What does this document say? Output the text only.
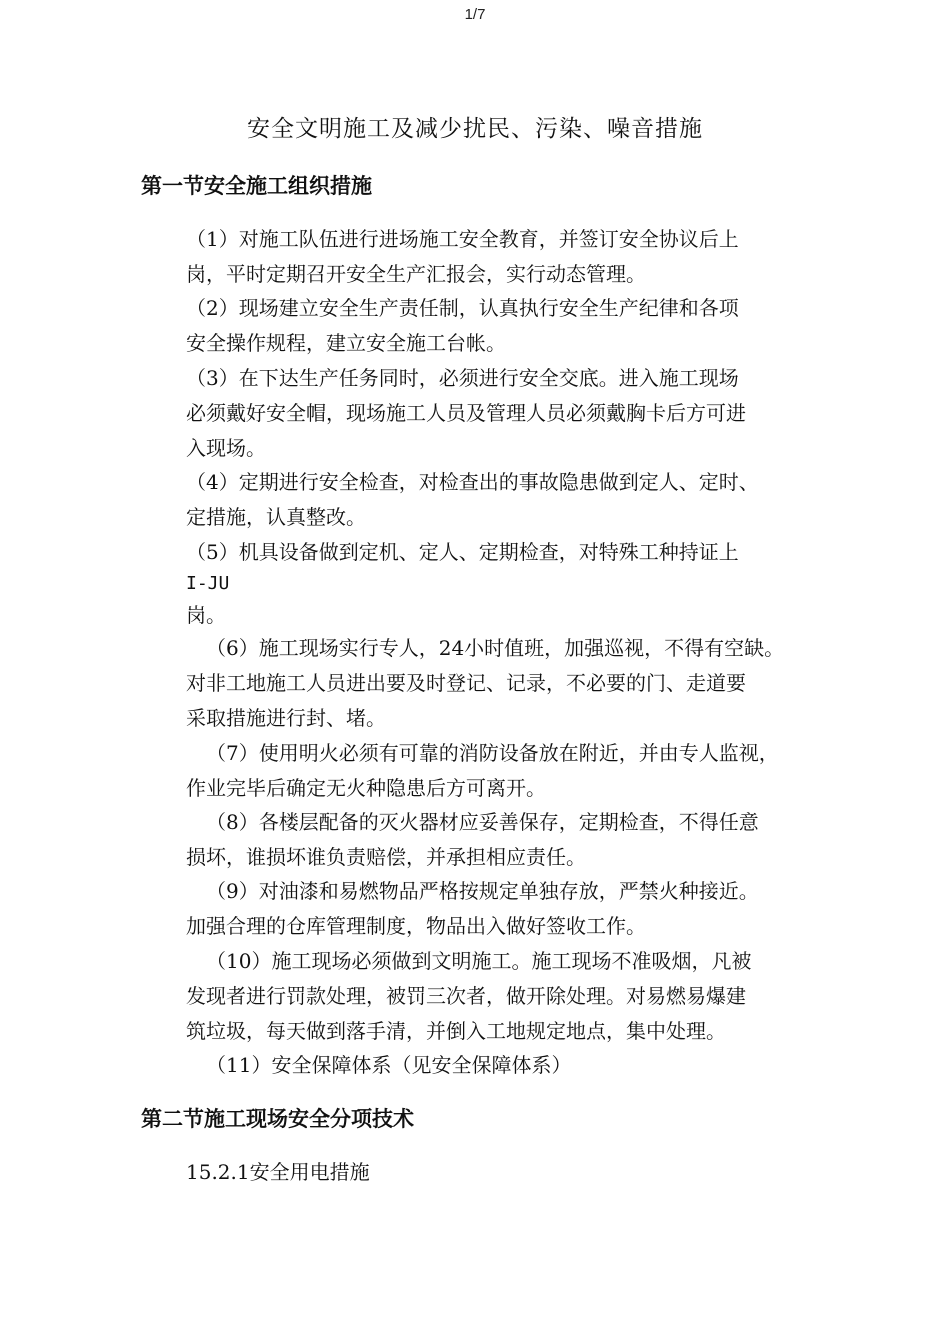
1/7
安全文明施工及减少扰民、污染、噪音措施
第一节安全施工组织措施
（1）对施工队伍进行进场施工安全教育，并签订安全协议后上
岗，平时定期召开安全生产汇报会，实行动态管理。
（2）现场建立安全生产责任制，认真执行安全生产纪律和各项
安全操作规程，建立安全施工台帐。
（3）在下达生产任务同时，必须进行安全交底。进入施工现场
必须戴好安全帽，现场施工人员及管理人员必须戴胸卡后方可进
入现场。
（4）定期进行安全检查，对检查出的事故隐患做到定人、定时、
定措施，认真整改。
（5）机具设备做到定机、定人、定期检查，对特殊工种持证上
I-JU
岗。
（6）施工现场实行专人，24小时值班，加强巡视，不得有空缺。
对非工地施工人员进出要及时登记、记录，不必要的门、走道要
采取措施进行封、堵。
（7）使用明火必须有可靠的消防设备放在附近，并由专人监视，
作业完毕后确定无火种隐患后方可离开。
（8）各楼层配备的灭火器材应妥善保存，定期检查，不得任意
损坏，谁损坏谁负责赔偿，并承担相应责任。
（9）对油漆和易燃物品严格按规定单独存放，严禁火种接近。
加强合理的仓库管理制度，物品出入做好签收工作。
（10）施工现场必须做到文明施工。施工现场不准吸烟，凡被
发现者进行罚款处理，被罚三次者，做开除处理。对易燃易爆建
筑垃圾，每天做到落手清，并倒入工地规定地点，集中处理。
（11）安全保障体系（见安全保障体系）
第二节施工现场安全分项技术
15.2.1安全用电措施
